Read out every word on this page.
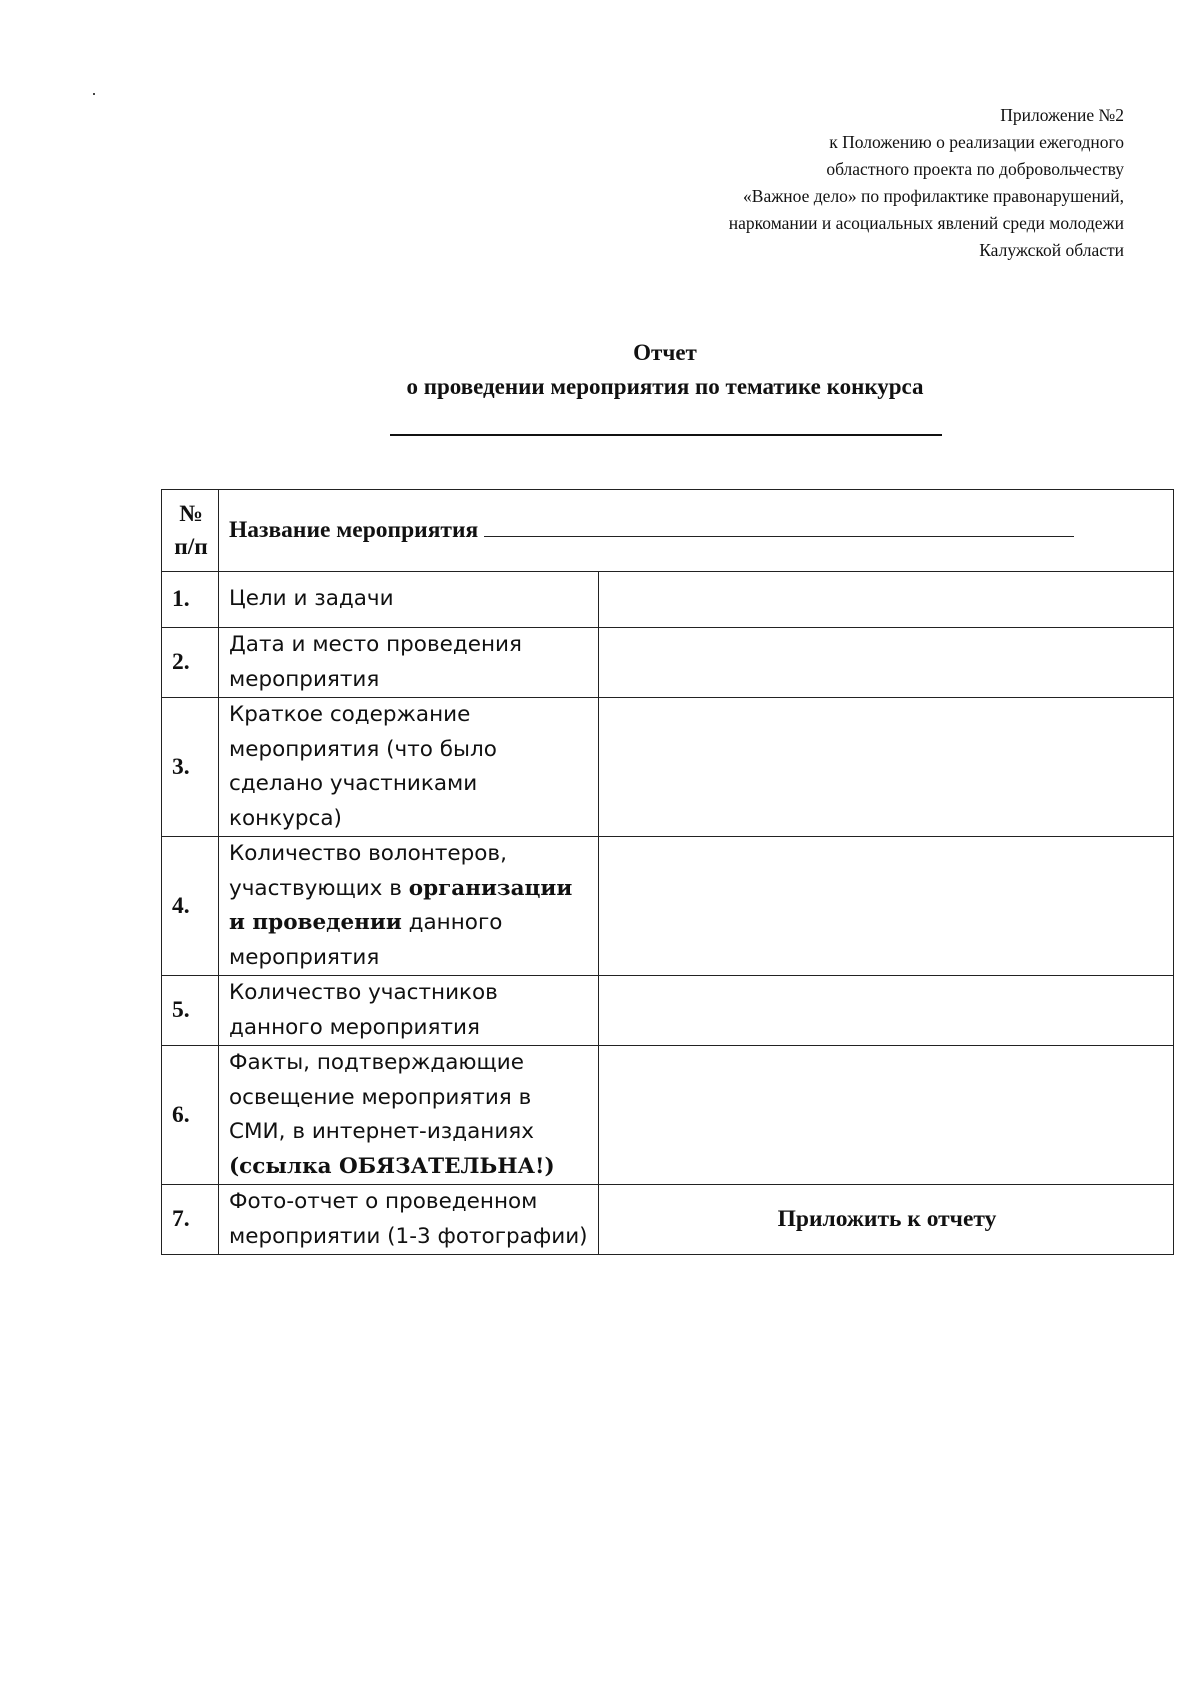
Приложение №2
к Положению о реализации ежегодного
областного проекта по добровольчеству
«Важное дело» по профилактике правонарушений,
наркомании и асоциальных явлений среди молодежи
Калужской области
Отчет
о проведении мероприятия по тематике конкурса
№
п/п	Название мероприятия	
1.	Цели и задачи	
2.	Дата и место проведения мероприятия	
3.	Краткое содержание мероприятия (что было сделано участниками конкурса)	
4.	Количество волонтеров, участвующих в организации и проведении данного мероприятия	
5.	Количество участников данного мероприятия	
6.	Факты, подтверждающие освещение мероприятия в СМИ, в интернет-изданиях (ссылка ОБЯЗАТЕЛЬНА!)	
7.	Фото-отчет о проведенном мероприятии (1-3 фотографии)	Приложить к отчету
